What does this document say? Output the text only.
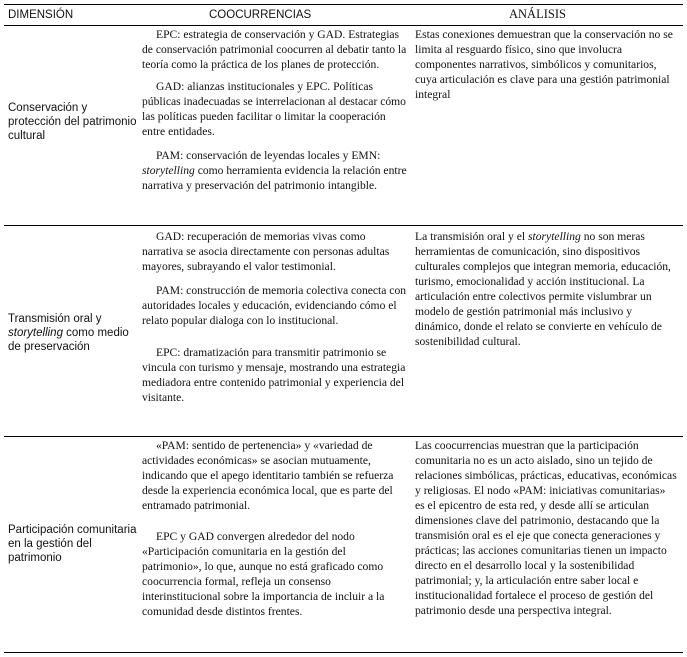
DIMENSIÓN	COOCURRENCIAS	ANÁLISIS
Conservación y protección del patrimonio cultural

EPC: estrategia de conservación y GAD. Estrategias de conservación patrimonial coocurren al debatir tanto la teoría como la práctica de los planes de protección.

GAD: alianzas institucionales y EPC. Políticas públicas inadecuadas se interrelacionan al destacar cómo las políticas pueden facilitar o limitar la cooperación entre entidades.

PAM: conservación de leyendas locales y EMN: storytelling como herramienta evidencia la relación entre narrativa y preservación del patrimonio intangible.

Estas conexiones demuestran que la conservación no se limita al resguardo físico, sino que involucra componentes narrativos, simbólicos y comunitarios, cuya articulación es clave para una gestión patrimonial integral

Transmisión oral y storytelling como medio de preservación

GAD: recuperación de memorias vivas como narrativa se asocia directamente con personas adultas mayores, subrayando el valor testimonial.

PAM: construcción de memoria colectiva conecta con autoridades locales y educación, evidenciando cómo el relato popular dialoga con lo institucional.

EPC: dramatización para transmitir patrimonio se vincula con turismo y mensaje, mostrando una estrategia mediadora entre contenido patrimonial y experiencia del visitante.

La transmisión oral y el storytelling no son meras herramientas de comunicación, sino dispositivos culturales complejos que integran memoria, educación, turismo, emocionalidad y acción institucional. La articulación entre colectivos permite vislumbrar un modelo de gestión patrimonial más inclusivo y dinámico, donde el relato se convierte en vehículo de sostenibilidad cultural.

Participación comunitaria en la gestión del patrimonio

«PAM: sentido de pertenencia» y «variedad de actividades económicas» se asocian mutuamente, indicando que el apego identitario también se refuerza desde la experiencia económica local, que es parte del entramado patrimonial.

EPC y GAD convergen alrededor del nodo «Participación comunitaria en la gestión del patrimonio», lo que, aunque no está graficado como coocurrencia formal, refleja un consenso interinstitucional sobre la importancia de incluir a la comunidad desde distintos frentes.

Las coocurrencias muestran que la participación comunitaria no es un acto aislado, sino un tejido de relaciones simbólicas, prácticas, educativas, económicas y religiosas. El nodo «PAM: iniciativas comunitarias» es el epicentro de esta red, y desde allí se articulan dimensiones clave del patrimonio, destacando que la transmisión oral es el eje que conecta generaciones y prácticas; las acciones comunitarias tienen un impacto directo en el desarrollo local y la sostenibilidad patrimonial; y, la articulación entre saber local e institucionalidad fortalece el proceso de gestión del patrimonio desde una perspectiva integral.
